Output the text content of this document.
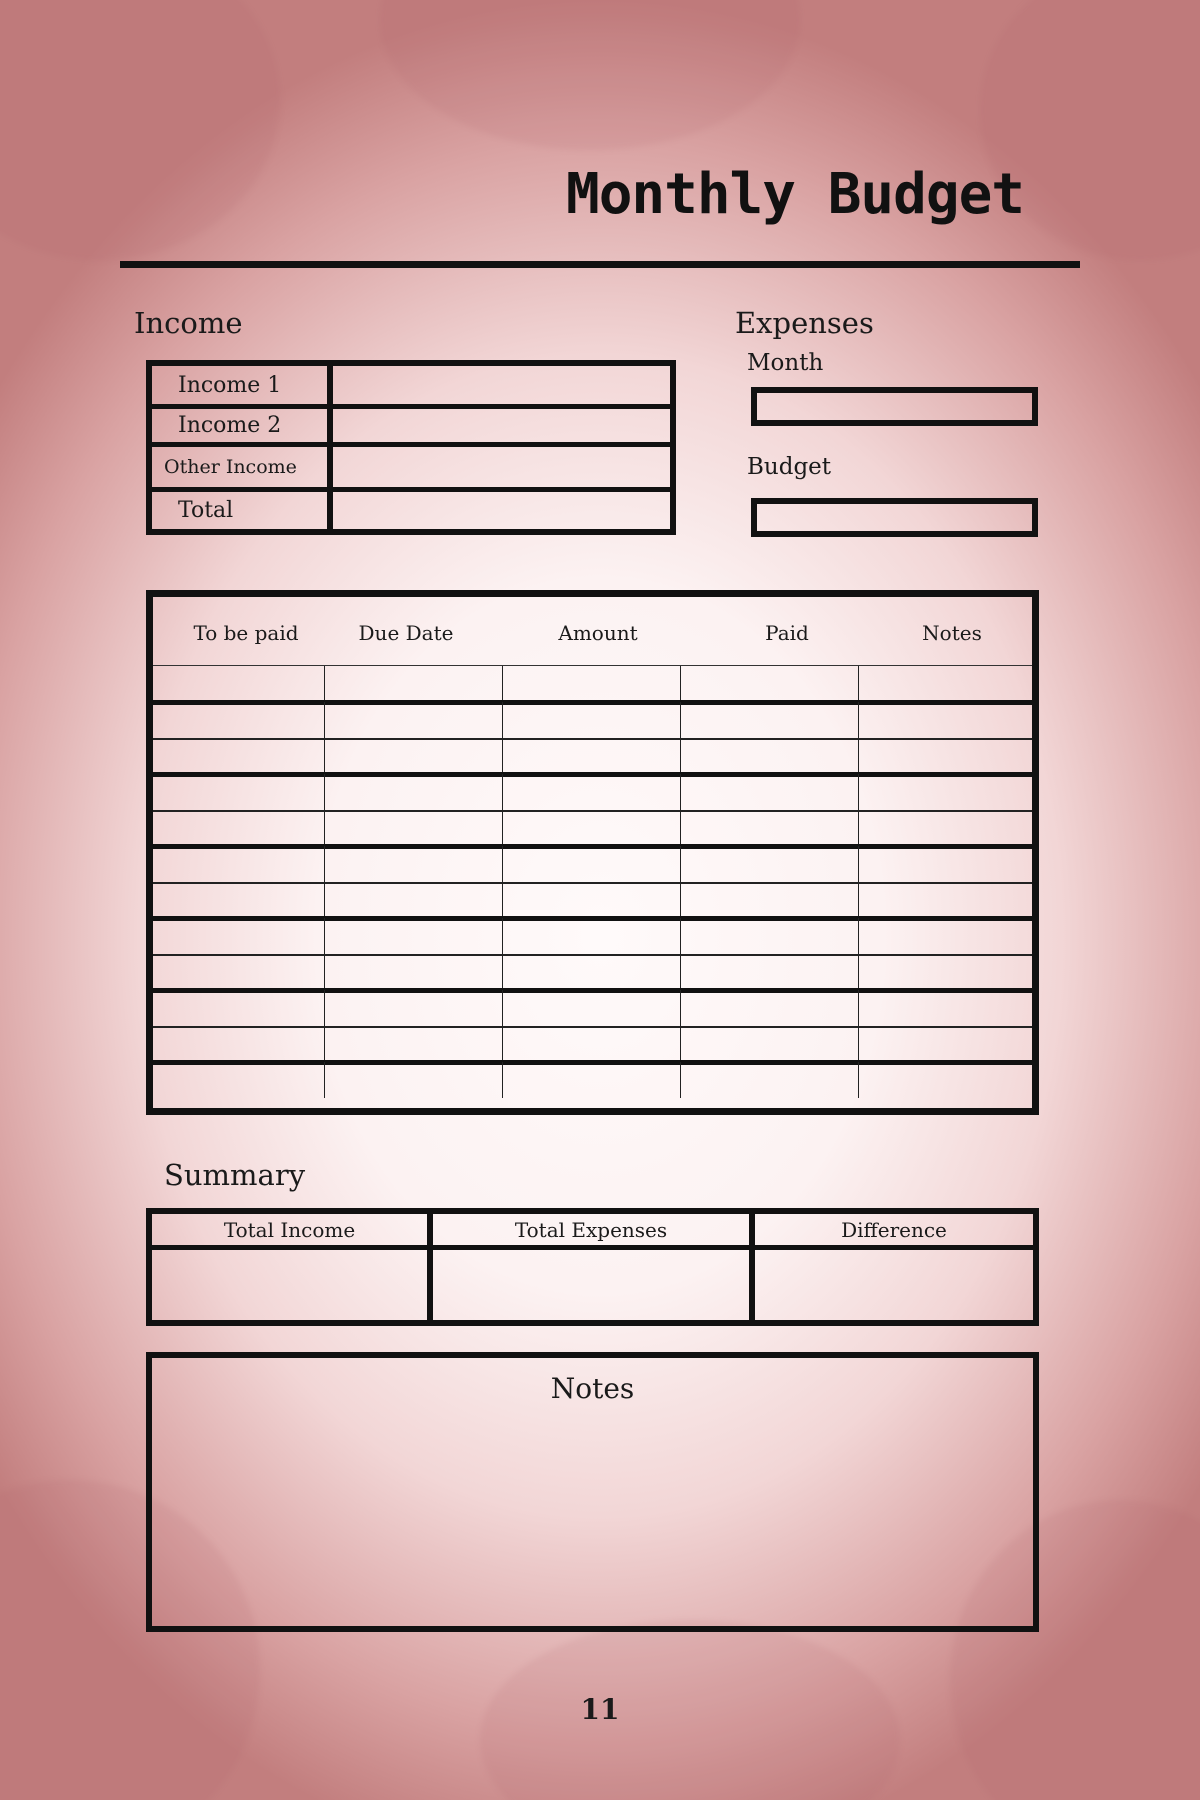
Monthly Budget
Income
Income 1
Income 2
Other Income
Total
Expenses
Month
Budget
To be paid	Due Date	Amount	Paid	Notes
Summary
Total Income	Total Expenses	Difference
Notes
11
